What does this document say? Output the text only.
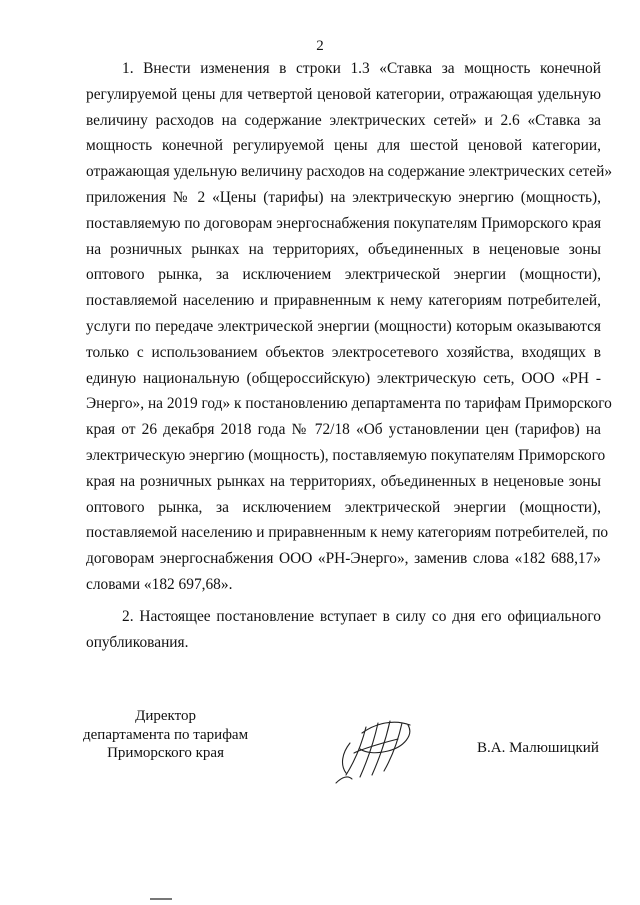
2
1. Внести изменения в строки 1.3 «Ставка за мощность конечной
регулируемой цены для четвертой ценовой категории, отражающая удельную
величину расходов на содержание электрических сетей» и 2.6 «Ставка за
мощность конечной регулируемой цены для шестой ценовой категории,
отражающая удельную величину расходов на содержание электрических сетей»
приложения № 2 «Цены (тарифы) на электрическую энергию (мощность),
поставляемую по договорам энергоснабжения покупателям Приморского края
на розничных рынках на территориях, объединенных в неценовые зоны
оптового рынка, за исключением электрической энергии (мощности),
поставляемой населению и приравненным к нему категориям потребителей,
услуги по передаче электрической энергии (мощности) которым оказываются
только с использованием объектов электросетевого хозяйства, входящих в
единую национальную (общероссийскую) электрическую сеть, ООО «РН -
Энерго», на 2019 год» к постановлению департамента по тарифам Приморского
края от 26 декабря 2018 года № 72/18 «Об установлении цен (тарифов) на
электрическую энергию (мощность), поставляемую покупателям Приморского
края на розничных рынках на территориях, объединенных в неценовые зоны
оптового рынка, за исключением электрической энергии (мощности),
поставляемой населению и приравненным к нему категориям потребителей, по
договорам энергоснабжения ООО «РН-Энерго», заменив слова «182 688,17»
словами «182 697,68».
2. Настоящее постановление вступает в силу со дня его официального
опубликования.
Директор
департамента по тарифам
Приморского края	В.А. Малюшицкий
